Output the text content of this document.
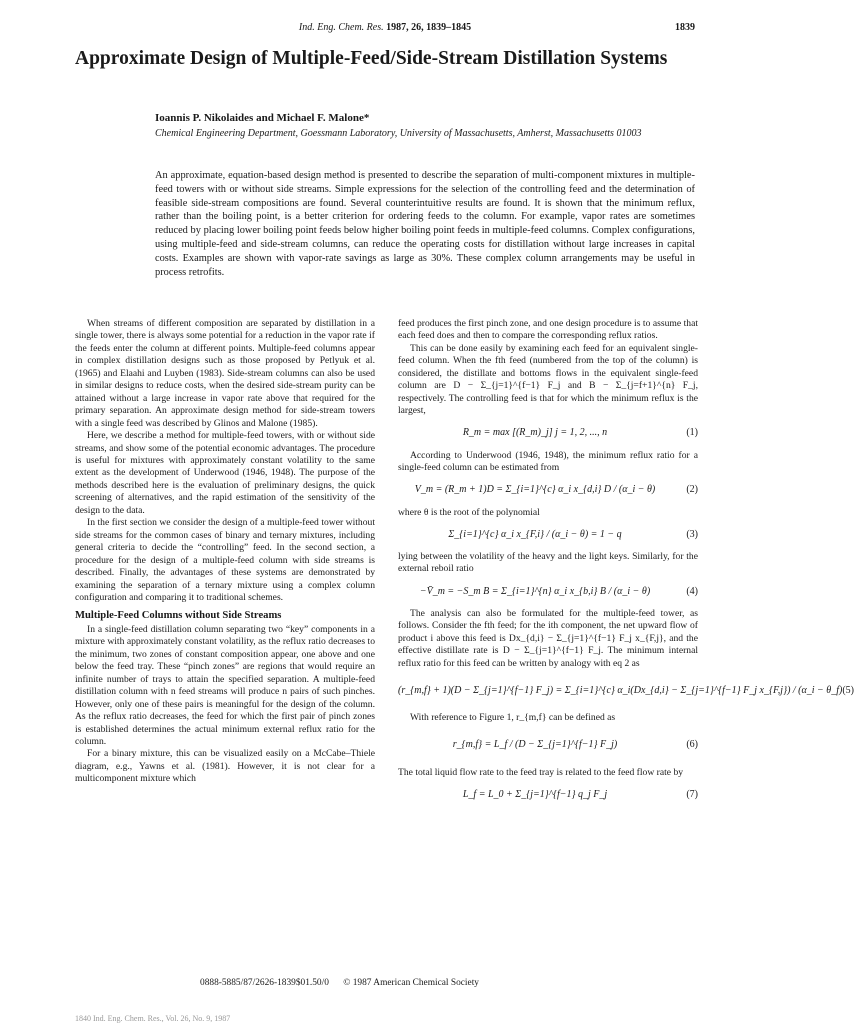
Ind. Eng. Chem. Res. 1987, 26, 1839–1845	1839
Approximate Design of Multiple-Feed/Side-Stream Distillation Systems
Ioannis P. Nikolaides and Michael F. Malone*
Chemical Engineering Department, Goessmann Laboratory, University of Massachusetts, Amherst, Massachusetts 01003

An approximate, equation-based design method is presented to describe the separation of multi-component mixtures in multiple-feed towers with or without side streams. Simple expressions for the selection of the controlling feed and the determination of feasible side-stream compositions are found. Several counterintuitive results are found. It is shown that the minimum reflux, rather than the boiling point, is a better criterion for ordering feeds to the column. For example, vapor rates are sometimes reduced by placing lower boiling point feeds below higher boiling point feeds in multiple-feed columns. Complex configurations, using multiple-feed and side-stream columns, can reduce the operating costs for distillation without large increases in capital costs. Examples are shown with vapor-rate savings as large as 30%. These complex column arrangements may be useful in process retrofits.

When streams of different composition are separated by distillation in a single tower, there is always some potential for a reduction in the vapor rate if the feeds enter the column at different points. Multiple-feed columns appear in complex distillation designs such as those proposed by Petlyuk et al. (1965) and Elaahi and Luyben (1983). Side-stream columns can also be used in similar designs to reduce costs, when the desired side-stream purity can be attained without a large increase in vapor rate above that required for the primary separation. An approximate design method for side-stream towers with a single feed was described by Glinos and Malone (1985).

Here, we describe a method for multiple-feed towers, with or without side streams, and show some of the potential economic advantages. The procedure is useful for mixtures with approximately constant volatility to the same extent as the development of Underwood (1946, 1948). The purpose of the methods described here is the evaluation of preliminary designs, the quick screening of alternatives, and the rapid estimation of the sensitivity of the design to the data.

In the first section we consider the design of a multiple-feed tower without side streams for the common cases of binary and ternary mixtures, including general criteria to decide the “controlling” feed. In the second section, a procedure for the design of a multiple-feed column with side streams is described. Finally, the advantages of these systems are demonstrated by examining the separation of a ternary mixture using a complex column configuration and comparing it to traditional schemes.

Multiple-Feed Columns without Side Streams

In a single-feed distillation column separating two “key” components in a mixture with approximately constant volatility, as the reflux ratio decreases to the minimum, two zones of constant composition appear, one above and one below the feed tray. These “pinch zones” are regions that would require an infinite number of trays to attain the specified separation. A multiple-feed distillation column with n feed streams will produce n pairs of such pinches. However, only one of these pairs is meaningful for the design of the column. As the reflux ratio decreases, the feed for which the first pair of pinch zones is established determines the actual minimum external reflux ratio for the column.

For a binary mixture, this can be visualized easily on a McCabe–Thiele diagram, e.g., Yawns et al. (1981). However, it is not clear for a multicomponent mixture which

feed produces the first pinch zone, and one design procedure is to assume that each feed does and then to compare the corresponding reflux ratios.

This can be done easily by examining each feed for an equivalent single-feed column. When the fth feed (numbered from the top of the column) is considered, the distillate and bottoms flows in the equivalent single-feed column are D − Σ_{j=1}^{f−1} F_j and B − Σ_{j=f+1}^{n} F_j, respectively. The controlling feed is that for which the minimum reflux is the largest,

R_m = max [(R_m)_j] j = 1, 2, ..., n	(1)

According to Underwood (1946, 1948), the minimum reflux ratio for a single-feed column can be estimated from

V_m = (R_m + 1)D = Σ_{i=1}^{c} α_i x_{d,i} D / (α_i − θ)	(2)

where θ is the root of the polynomial

Σ_{i=1}^{c} α_i x_{F,i} / (α_i − θ) = 1 − q	(3)

lying between the volatility of the heavy and the light keys. Similarly, for the external reboil ratio

−V̄_m = −S_m B = Σ_{i=1}^{n} α_i x_{b,i} B / (α_i − θ)	(4)

The analysis can also be formulated for the multiple-feed tower, as follows. Consider the fth feed; for the ith component, the net upward flow of product i above this feed is Dx_{d,i} − Σ_{j=1}^{f−1} F_j x_{F,j}, and the effective distillate rate is D − Σ_{j=1}^{f−1} F_j. The minimum internal reflux ratio for this feed can be written by analogy with eq 2 as

(r_{m,f} + 1)(D − Σ_{j=1}^{f−1} F_j) = Σ_{i=1}^{c} α_i(Dx_{d,i} − Σ_{j=1}^{f−1} F_j x_{F,j}) / (α_i − θ_f) (5)

With reference to Figure 1, r_{m,f} can be defined as

r_{m,f} = L_f / (D − Σ_{j=1}^{f−1} F_j)	(6)

The total liquid flow rate to the feed tray is related to the feed flow rate by

L_f = L_0 + Σ_{j=1}^{f−1} q_j F_j	(7)
0888-5885/87/2626-1839$01.50/0 © 1987 American Chemical Society
1840 Ind. Eng. Chem. Res., Vol. 26, No. 9, 1987
